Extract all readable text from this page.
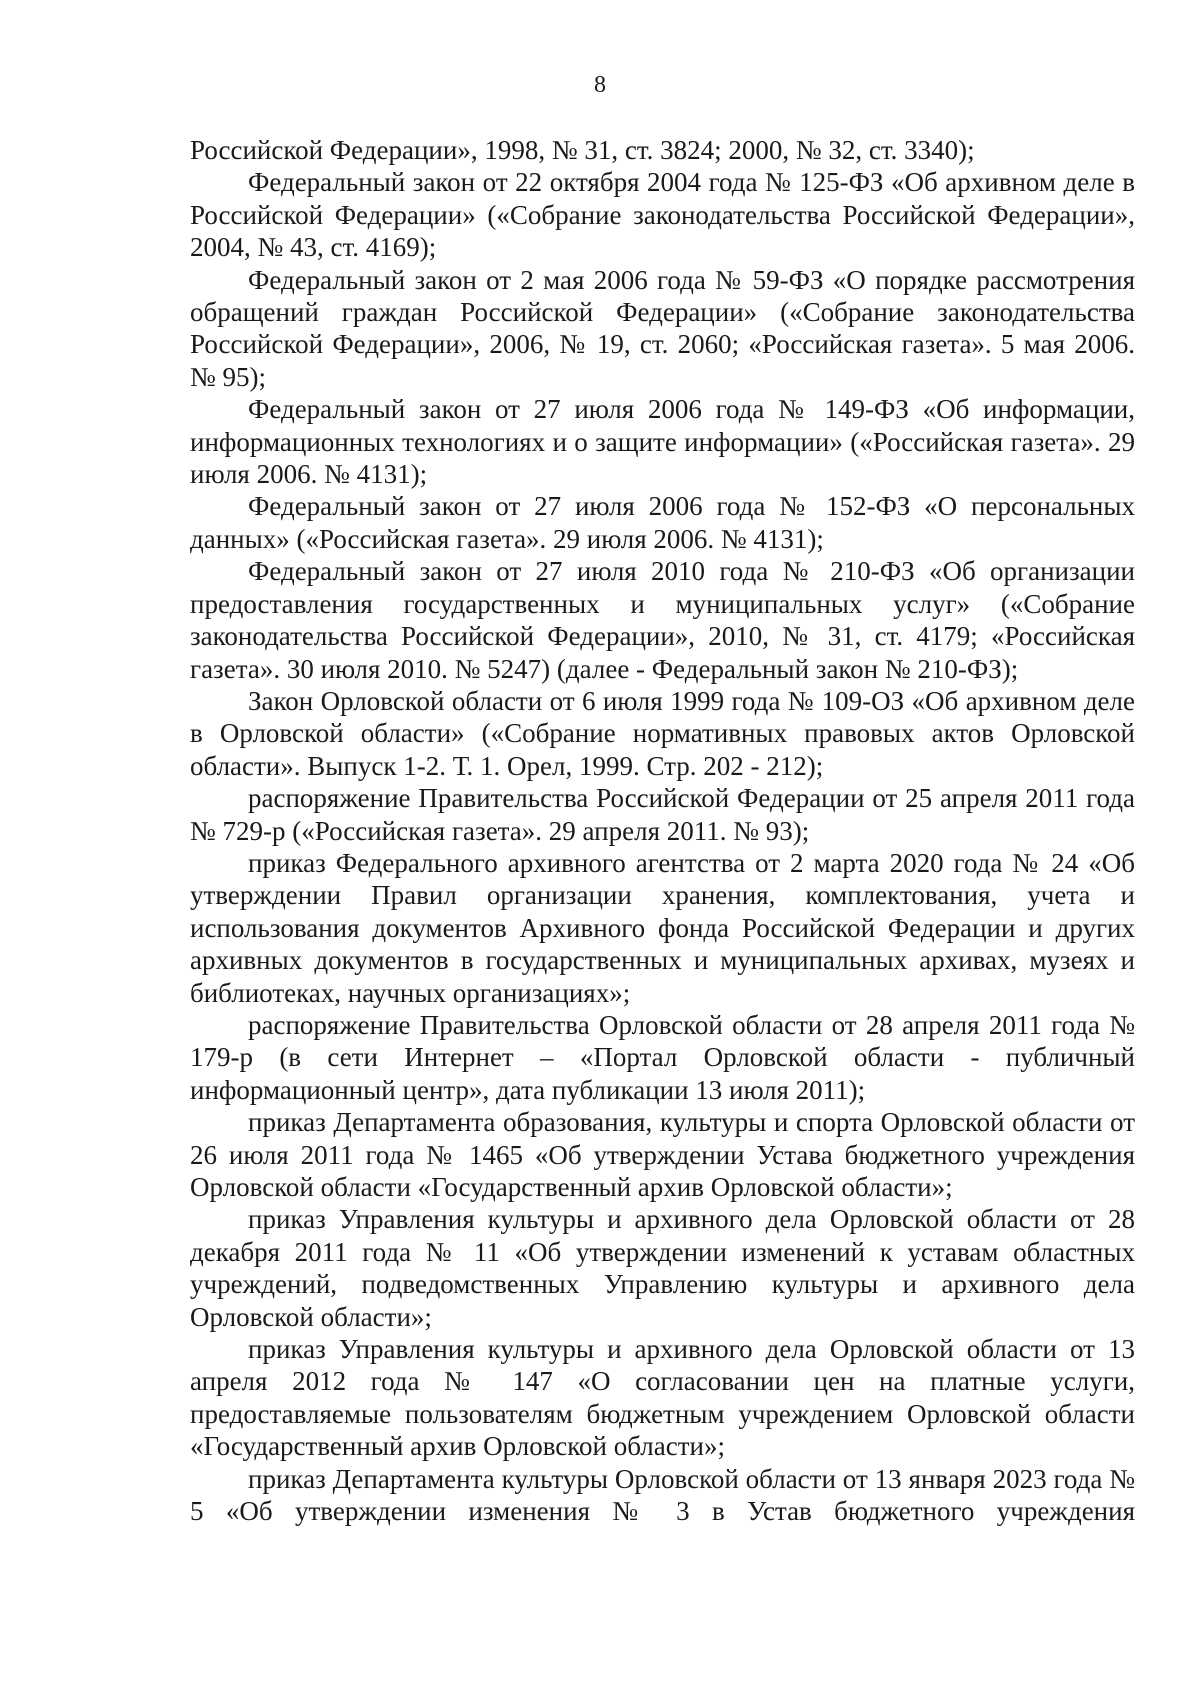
8

Российской Федерации», 1998, № 31, ст. 3824; 2000, № 32, ст. 3340);

Федеральный закон от 22 октября 2004 года № 125-ФЗ «Об архивном деле в Российской Федерации» («Собрание законодательства Российской Федерации», 2004, № 43, ст. 4169);

Федеральный закон от 2 мая 2006 года № 59-ФЗ «О порядке рассмотрения обращений граждан Российской Федерации» («Собрание законодательства Российской Федерации», 2006, № 19, ст. 2060; «Российская газета». 5 мая 2006. № 95);

Федеральный закон от 27 июля 2006 года № 149-ФЗ «Об информации, информационных технологиях и о защите информации» («Российская газета». 29 июля 2006. № 4131);

Федеральный закон от 27 июля 2006 года № 152-ФЗ «О персональных данных» («Российская газета». 29 июля 2006. № 4131);

Федеральный закон от 27 июля 2010 года № 210-ФЗ «Об организации предоставления государственных и муниципальных услуг» («Собрание законодательства Российской Федерации», 2010, № 31, ст. 4179; «Российская газета». 30 июля 2010. № 5247) (далее - Федеральный закон № 210-ФЗ);

Закон Орловской области от 6 июля 1999 года № 109-ОЗ «Об архивном деле в Орловской области» («Собрание нормативных правовых актов Орловской области». Выпуск 1-2. Т. 1. Орел, 1999. Стр. 202 - 212);

распоряжение Правительства Российской Федерации от 25 апреля 2011 года № 729-р («Российская газета». 29 апреля 2011. № 93);

приказ Федерального архивного агентства от 2 марта 2020 года № 24 «Об утверждении Правил организации хранения, комплектования, учета и использования документов Архивного фонда Российской Федерации и других архивных документов в государственных и муниципальных архивах, музеях и библиотеках, научных организациях»;

распоряжение Правительства Орловской области от 28 апреля 2011 года № 179-р (в сети Интернет – «Портал Орловской области - публичный информационный центр», дата публикации 13 июля 2011);

приказ Департамента образования, культуры и спорта Орловской области от 26 июля 2011 года № 1465 «Об утверждении Устава бюджетного учреждения Орловской области «Государственный архив Орловской области»;

приказ Управления культуры и архивного дела Орловской области от 28 декабря 2011 года № 11 «Об утверждении изменений к уставам областных учреждений, подведомственных Управлению культуры и архивного дела Орловской области»;

приказ Управления культуры и архивного дела Орловской области от 13 апреля 2012 года № 147 «О согласовании цен на платные услуги, предоставляемые пользователям бюджетным учреждением Орловской области «Государственный архив Орловской области»;

приказ Департамента культуры Орловской области от 13 января 2023 года № 5 «Об утверждении изменения № 3 в Устав бюджетного учреждения
